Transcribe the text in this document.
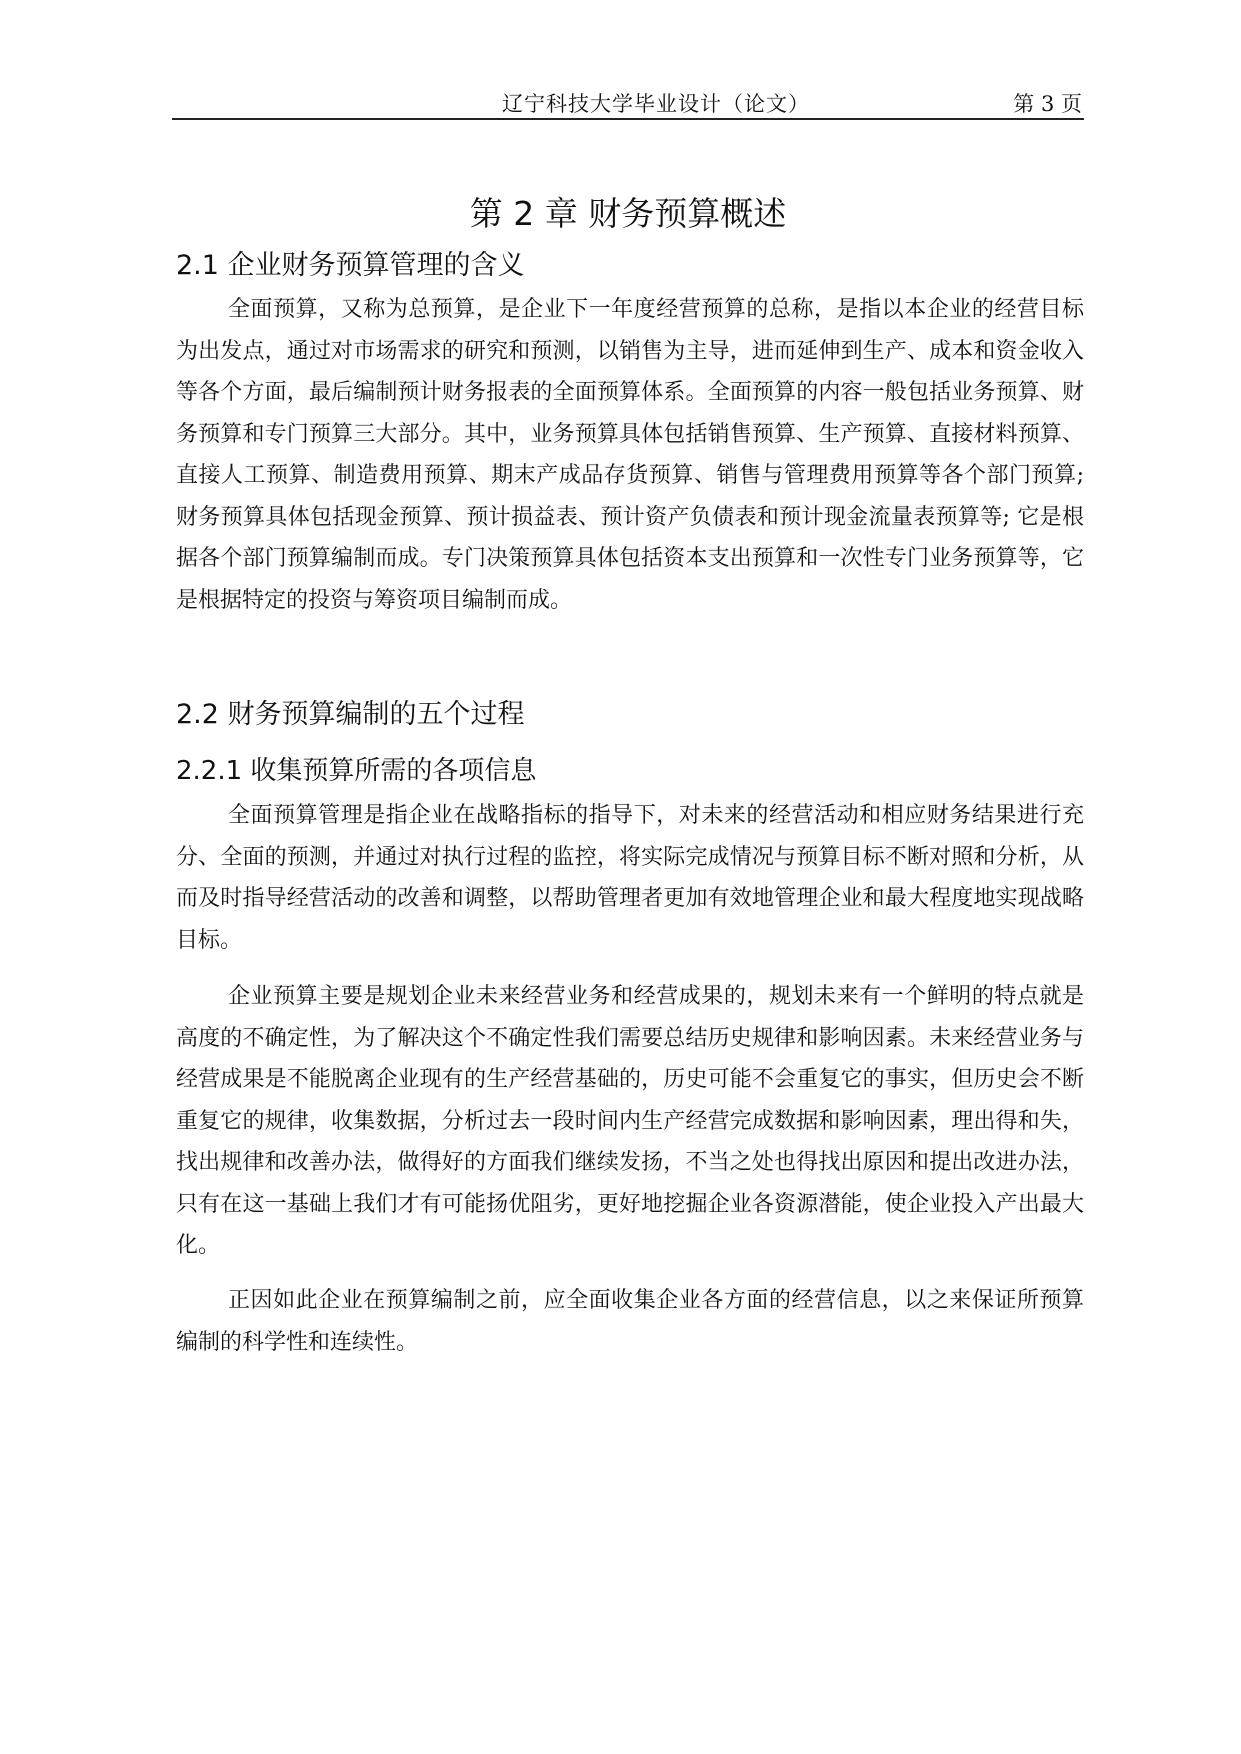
辽宁科技大学毕业设计（论文）	第 3 页
第 2 章 财务预算概述
2.1 企业财务预算管理的含义

全面预算，又称为总预算，是企业下一年度经营预算的总称，是指以本企业的经营目标为出发点，通过对市场需求的研究和预测，以销售为主导，进而延伸到生产、成本和资金收入等各个方面，最后编制预计财务报表的全面预算体系。全面预算的内容一般包括业务预算、财务预算和专门预算三大部分。其中，业务预算具体包括销售预算、生产预算、直接材料预算、直接人工预算、制造费用预算、期末产成品存货预算、销售与管理费用预算等各个部门预算; 财务预算具体包括现金预算、预计损益表、预计资产负债表和预计现金流量表预算等; 它是根据各个部门预算编制而成。专门决策预算具体包括资本支出预算和一次性专门业务预算等，它是根据特定的投资与筹资项目编制而成。

2.2 财务预算编制的五个过程
2.2.1 收集预算所需的各项信息

全面预算管理是指企业在战略指标的指导下，对未来的经营活动和相应财务结果进行充分、全面的预测，并通过对执行过程的监控，将实际完成情况与预算目标不断对照和分析，从而及时指导经营活动的改善和调整，以帮助管理者更加有效地管理企业和最大程度地实现战略目标。

企业预算主要是规划企业未来经营业务和经营成果的，规划未来有一个鲜明的特点就是高度的不确定性，为了解决这个不确定性我们需要总结历史规律和影响因素。未来经营业务与经营成果是不能脱离企业现有的生产经营基础的，历史可能不会重复它的事实，但历史会不断重复它的规律，收集数据，分析过去一段时间内生产经营完成数据和影响因素，理出得和失，找出规律和改善办法，做得好的方面我们继续发扬，不当之处也得找出原因和提出改进办法，只有在这一基础上我们才有可能扬优阻劣，更好地挖掘企业各资源潜能，使企业投入产出最大化。

正因如此企业在预算编制之前，应全面收集企业各方面的经营信息，以之来保证所预算编制的科学性和连续性。
